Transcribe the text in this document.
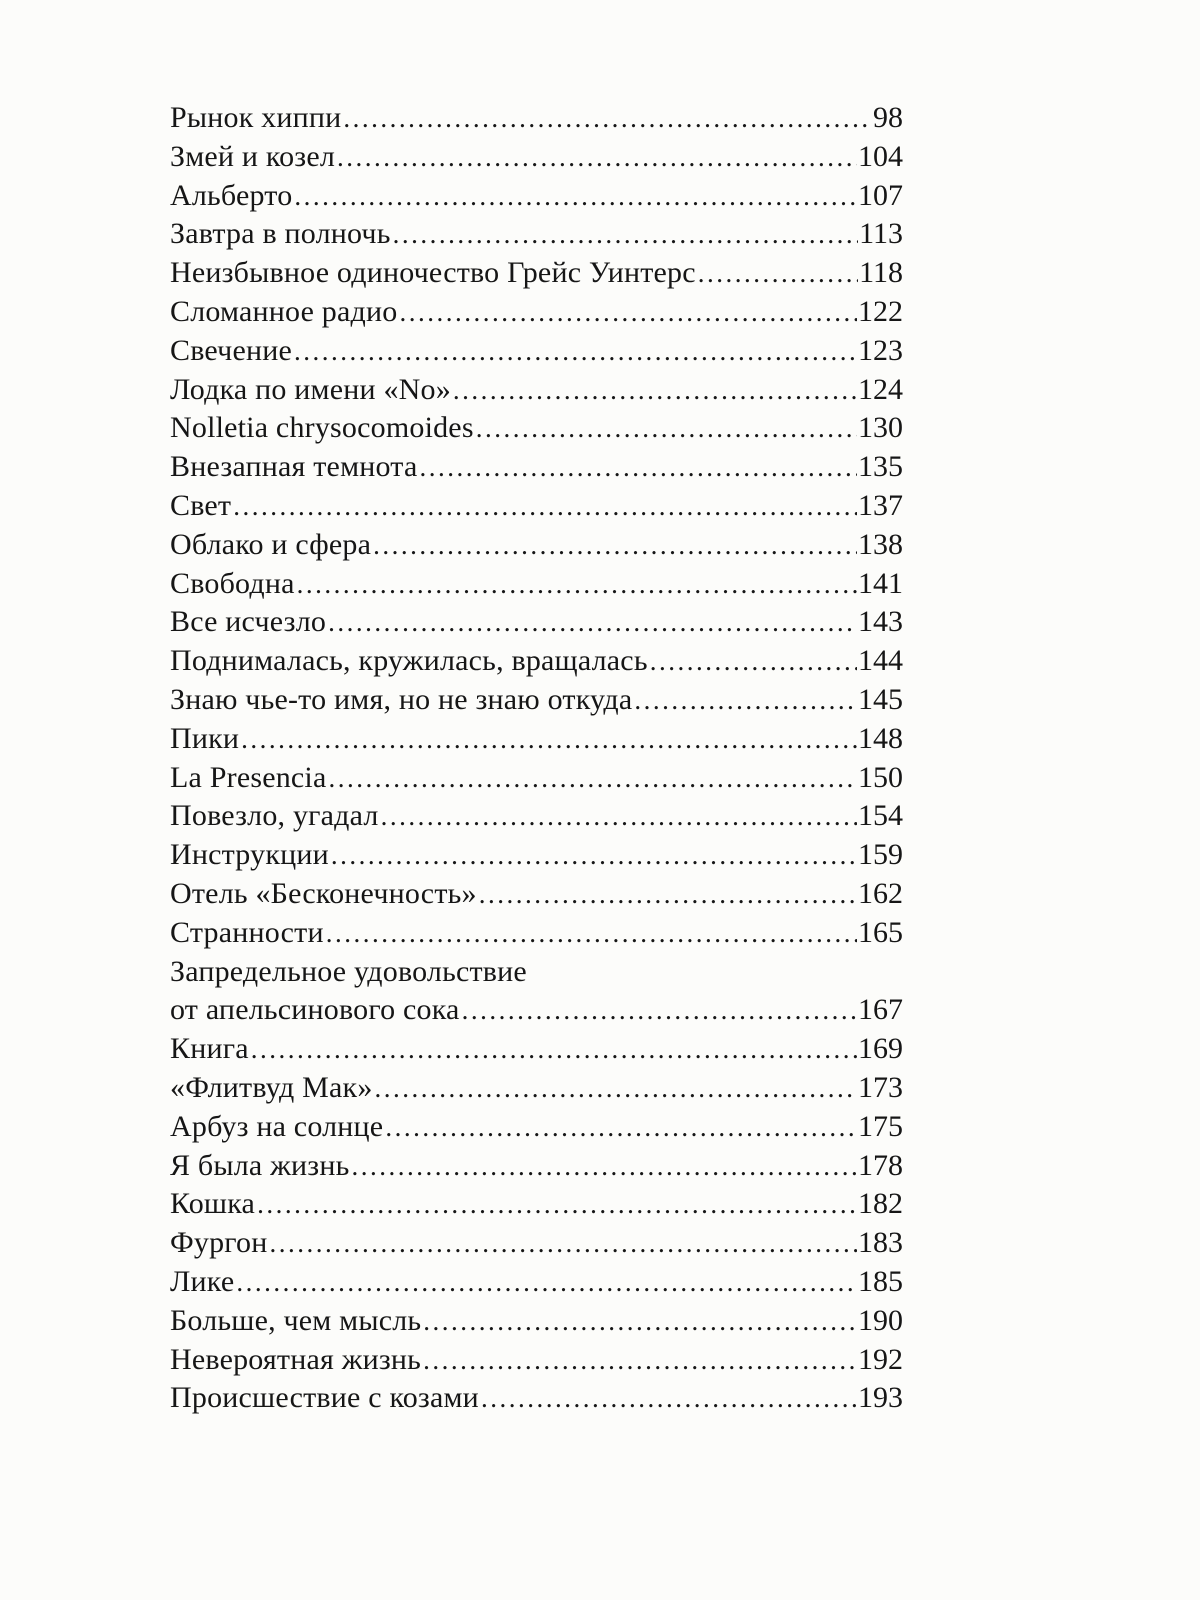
Рынок хиппи .....	98
Змей и козел .....	104
Альберто .....	107
Завтра в полночь .....	113
Неизбывное одиночество Грейс Уинтерс .....	118
Сломанное радио .....	122
Свечение .....	123
Лодка по имени «No» .....	124
Nolletia chrysocomoides .....	130
Внезапная темнота .....	135
Свет .....	137
Облако и сфера .....	138
Свободна .....	141
Все исчезло .....	143
Поднималась, кружилась, вращалась .....	144
Знаю чье-то имя, но не знаю откуда .....	145
Пики .....	148
La Presencia .....	150
Повезло, угадал .....	154
Инструкции .....	159
Отель «Бесконечность» .....	162
Странности .....	165
Запредельное удовольствие
от апельсинового сока .....	167
Книга .....	169
«Флитвуд Мак» .....	173
Арбуз на солнце .....	175
Я была жизнь .....	178
Кошка .....	182
Фургон .....	183
Лике .....	185
Больше, чем мысль .....	190
Невероятная жизнь .....	192
Происшествие с козами .....	193
